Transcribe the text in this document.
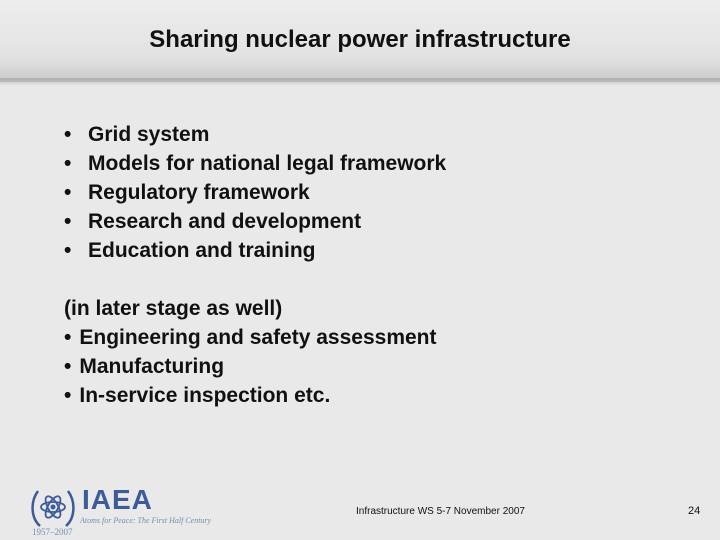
Sharing nuclear power infrastructure
• Grid system
• Models for national legal framework
• Regulatory framework
• Research and development
• Education and training
(in later stage as well)
• Engineering and safety assessment
• Manufacturing
• In-service inspection etc.
IAEA
Atoms for Peace: The First Half Century
1957–2007
Infrastructure WS 5-7 November 2007	24
